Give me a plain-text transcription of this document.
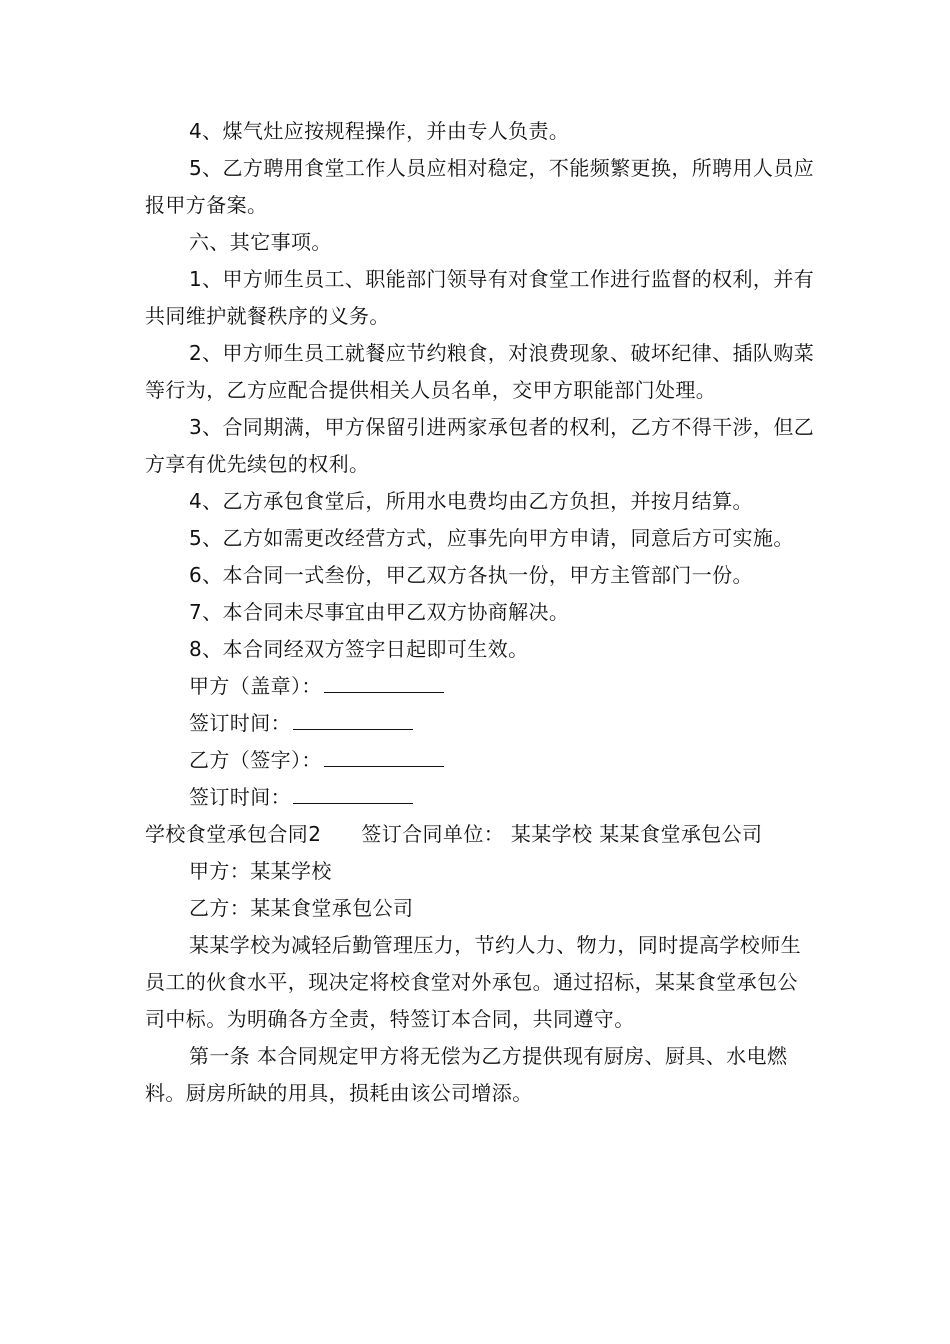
4、煤气灶应按规程操作，并由专人负责。

5、乙方聘用食堂工作人员应相对稳定，不能频繁更换，所聘用人员应报甲方备案。

六、其它事项。

1、甲方师生员工、职能部门领导有对食堂工作进行监督的权利，并有共同维护就餐秩序的义务。

2、甲方师生员工就餐应节约粮食，对浪费现象、破坏纪律、插队购菜等行为，乙方应配合提供相关人员名单，交甲方职能部门处理。

3、合同期满，甲方保留引进两家承包者的权利，乙方不得干涉，但乙方享有优先续包的权利。

4、乙方承包食堂后，所用水电费均由乙方负担，并按月结算。

5、乙方如需更改经营方式，应事先向甲方申请，同意后方可实施。

6、本合同一式叁份，甲乙双方各执一份，甲方主管部门一份。

7、本合同未尽事宜由甲乙双方协商解决。

8、本合同经双方签字日起即可生效。

甲方（盖章）：
签订时间：
乙方（签字）：
签订时间：

学校食堂承包合同2 签订合同单位： 某某学校 某某食堂承包公司

甲方：某某学校

乙方：某某食堂承包公司

某某学校为减轻后勤管理压力，节约人力、物力，同时提高学校师生员工的伙食水平，现决定将校食堂对外承包。通过招标，某某食堂承包公司中标。为明确各方全责，特签订本合同，共同遵守。

第一条 本合同规定甲方将无偿为乙方提供现有厨房、厨具、水电燃料。厨房所缺的用具，损耗由该公司增添。
